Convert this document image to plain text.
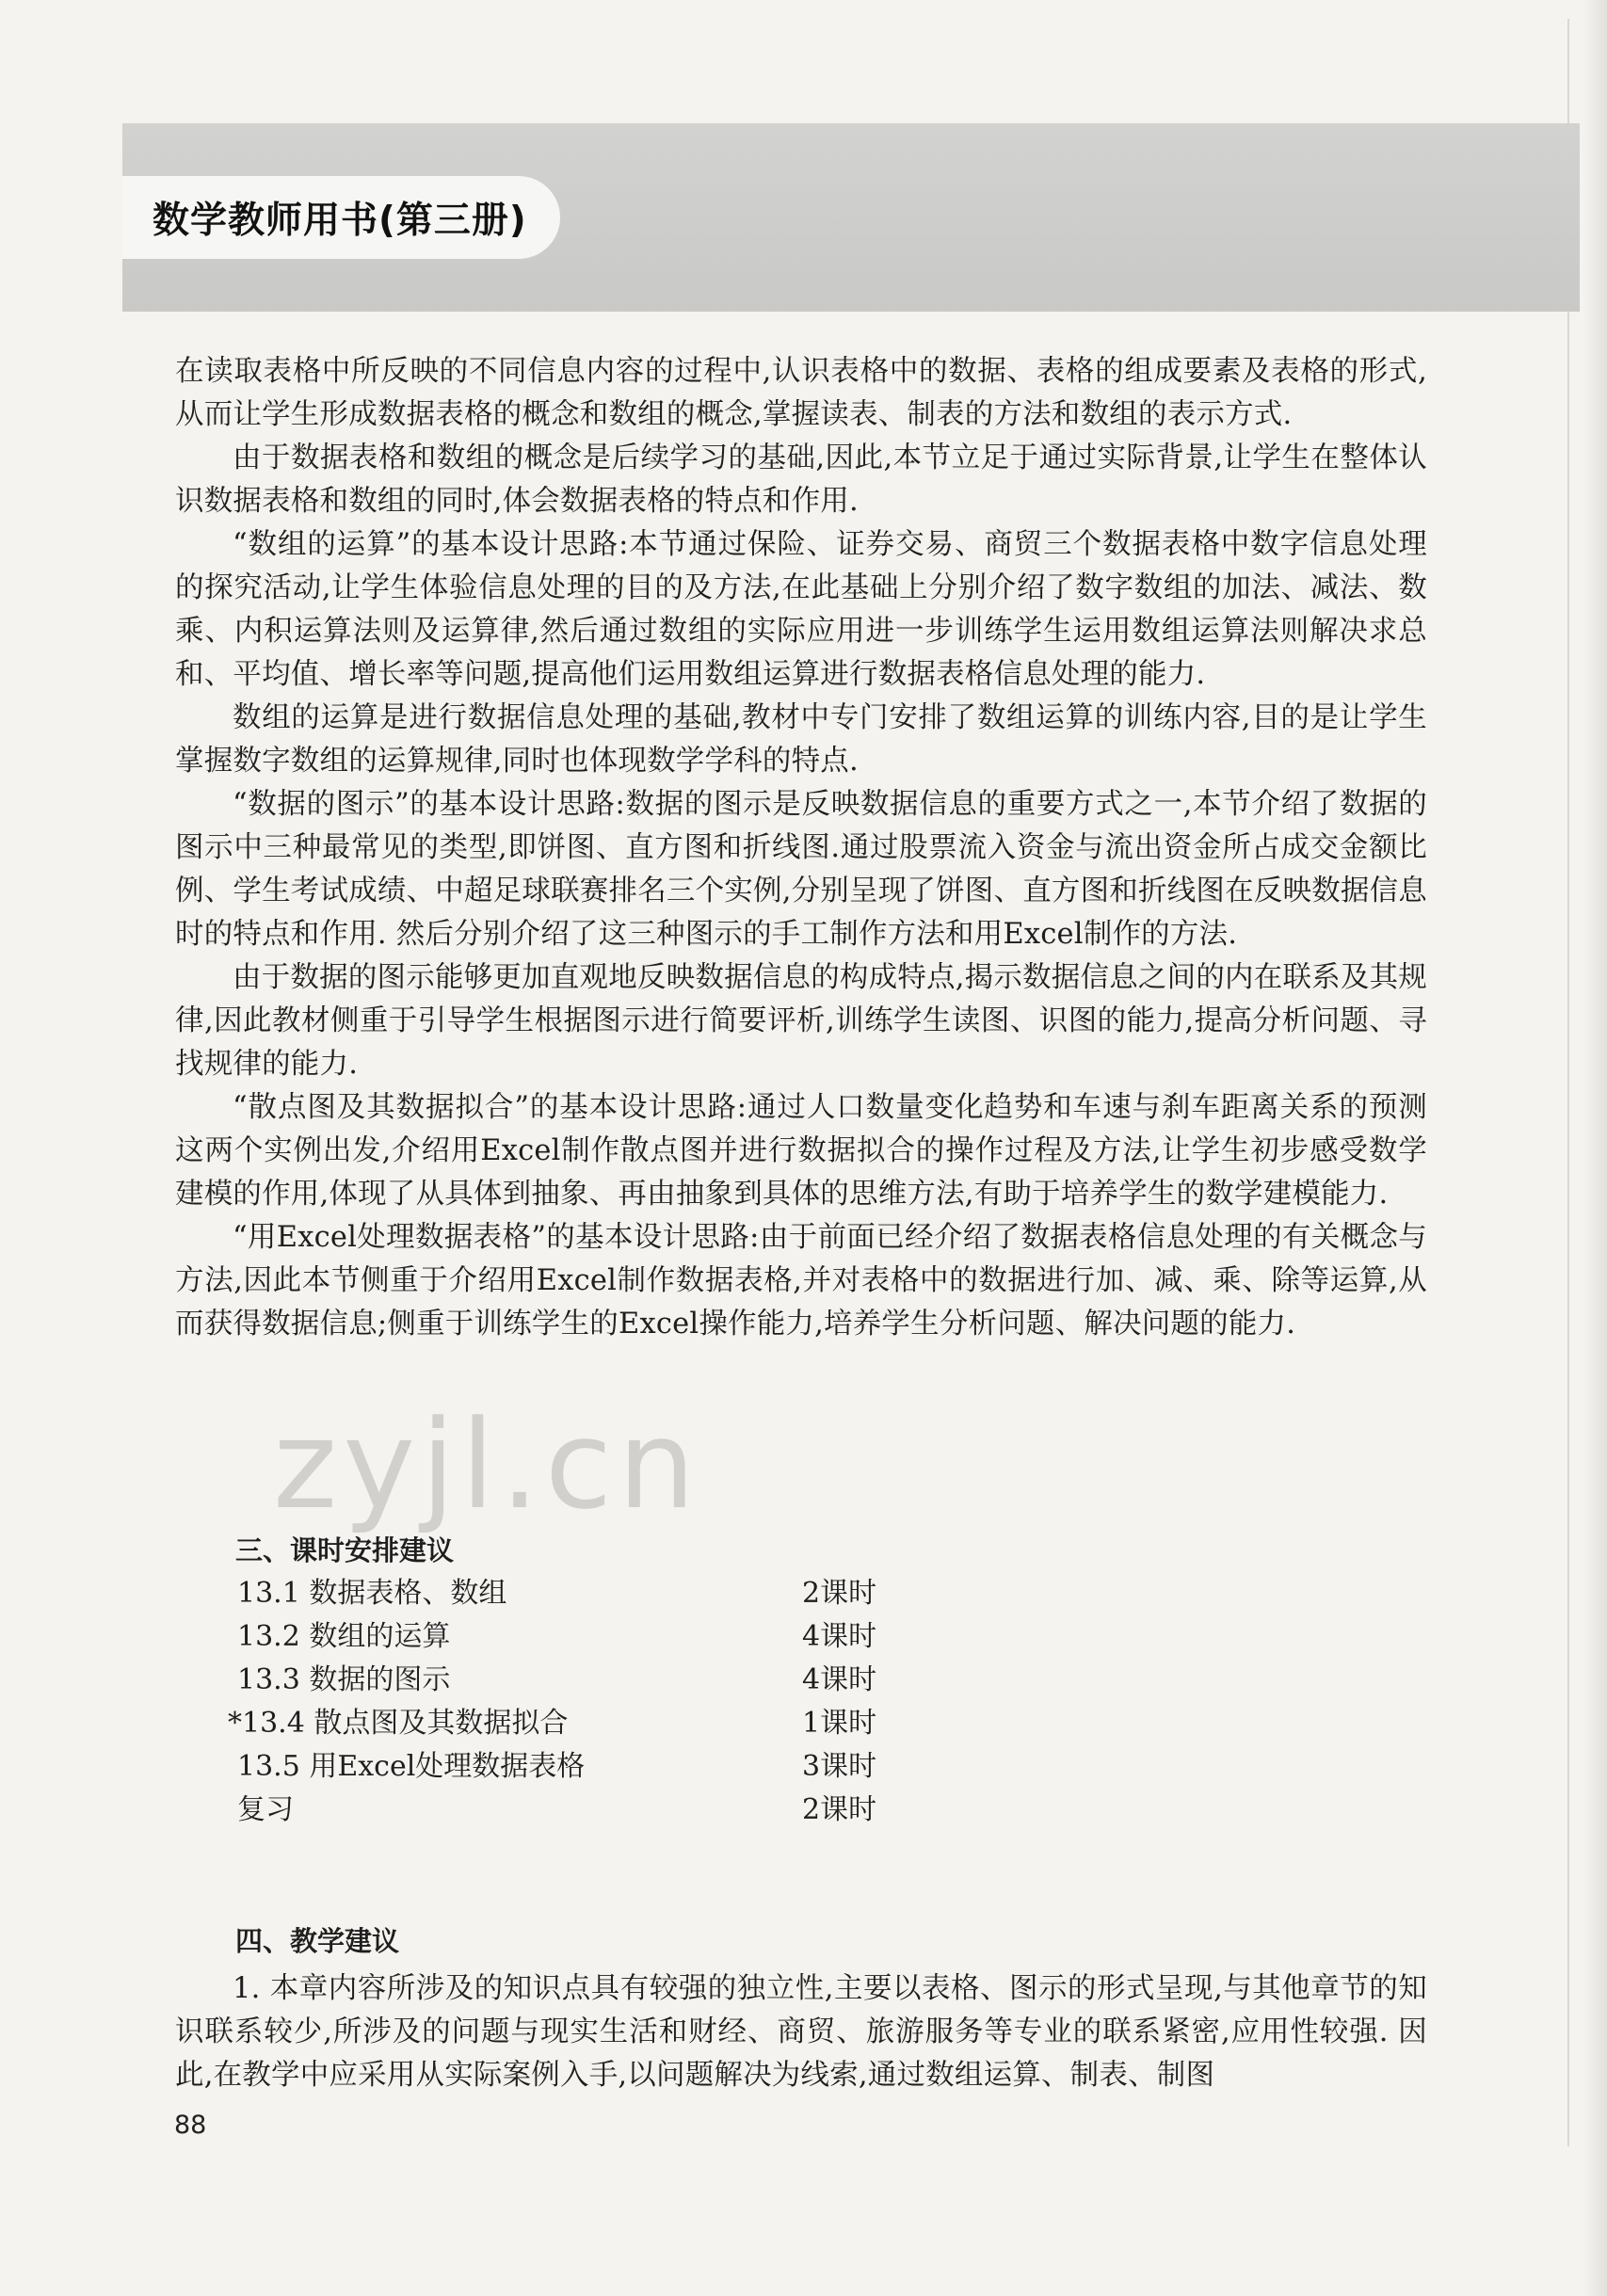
数学教师用书(第三册)

在读取表格中所反映的不同信息内容的过程中,认识表格中的数据、表格的组成要素及表格的形式,从而让学生形成数据表格的概念和数组的概念,掌握读表、制表的方法和数组的表示方式.

由于数据表格和数组的概念是后续学习的基础,因此,本节立足于通过实际背景,让学生在整体认识数据表格和数组的同时,体会数据表格的特点和作用.

“数组的运算”的基本设计思路:本节通过保险、证券交易、商贸三个数据表格中数字信息处理的探究活动,让学生体验信息处理的目的及方法,在此基础上分别介绍了数字数组的加法、减法、数乘、内积运算法则及运算律,然后通过数组的实际应用进一步训练学生运用数组运算法则解决求总和、平均值、增长率等问题,提高他们运用数组运算进行数据表格信息处理的能力.

数组的运算是进行数据信息处理的基础,教材中专门安排了数组运算的训练内容,目的是让学生掌握数字数组的运算规律,同时也体现数学学科的特点.

“数据的图示”的基本设计思路:数据的图示是反映数据信息的重要方式之一,本节介绍了数据的图示中三种最常见的类型,即饼图、直方图和折线图.通过股票流入资金与流出资金所占成交金额比例、学生考试成绩、中超足球联赛排名三个实例,分别呈现了饼图、直方图和折线图在反映数据信息时的特点和作用. 然后分别介绍了这三种图示的手工制作方法和用Excel制作的方法.

由于数据的图示能够更加直观地反映数据信息的构成特点,揭示数据信息之间的内在联系及其规律,因此教材侧重于引导学生根据图示进行简要评析,训练学生读图、识图的能力,提高分析问题、寻找规律的能力.

“散点图及其数据拟合”的基本设计思路:通过人口数量变化趋势和车速与刹车距离关系的预测这两个实例出发,介绍用Excel制作散点图并进行数据拟合的操作过程及方法,让学生初步感受数学建模的作用,体现了从具体到抽象、再由抽象到具体的思维方法,有助于培养学生的数学建模能力.

“用Excel处理数据表格”的基本设计思路:由于前面已经介绍了数据表格信息处理的有关概念与方法,因此本节侧重于介绍用Excel制作数据表格,并对表格中的数据进行加、减、乘、除等运算,从而获得数据信息;侧重于训练学生的Excel操作能力,培养学生分析问题、解决问题的能力.

zyjl.cn
三、课时安排建议
13.1 数据表格、数组	2课时
13.2 数组的运算	4课时
13.3 数据的图示	4课时
*13.4 散点图及其数据拟合	1课时
13.5 用Excel处理数据表格	3课时
复习	2课时
四、教学建议

1. 本章内容所涉及的知识点具有较强的独立性,主要以表格、图示的形式呈现,与其他章节的知识联系较少,所涉及的问题与现实生活和财经、商贸、旅游服务等专业的联系紧密,应用性较强. 因此,在教学中应采用从实际案例入手,以问题解决为线索,通过数组运算、制表、制图

88
